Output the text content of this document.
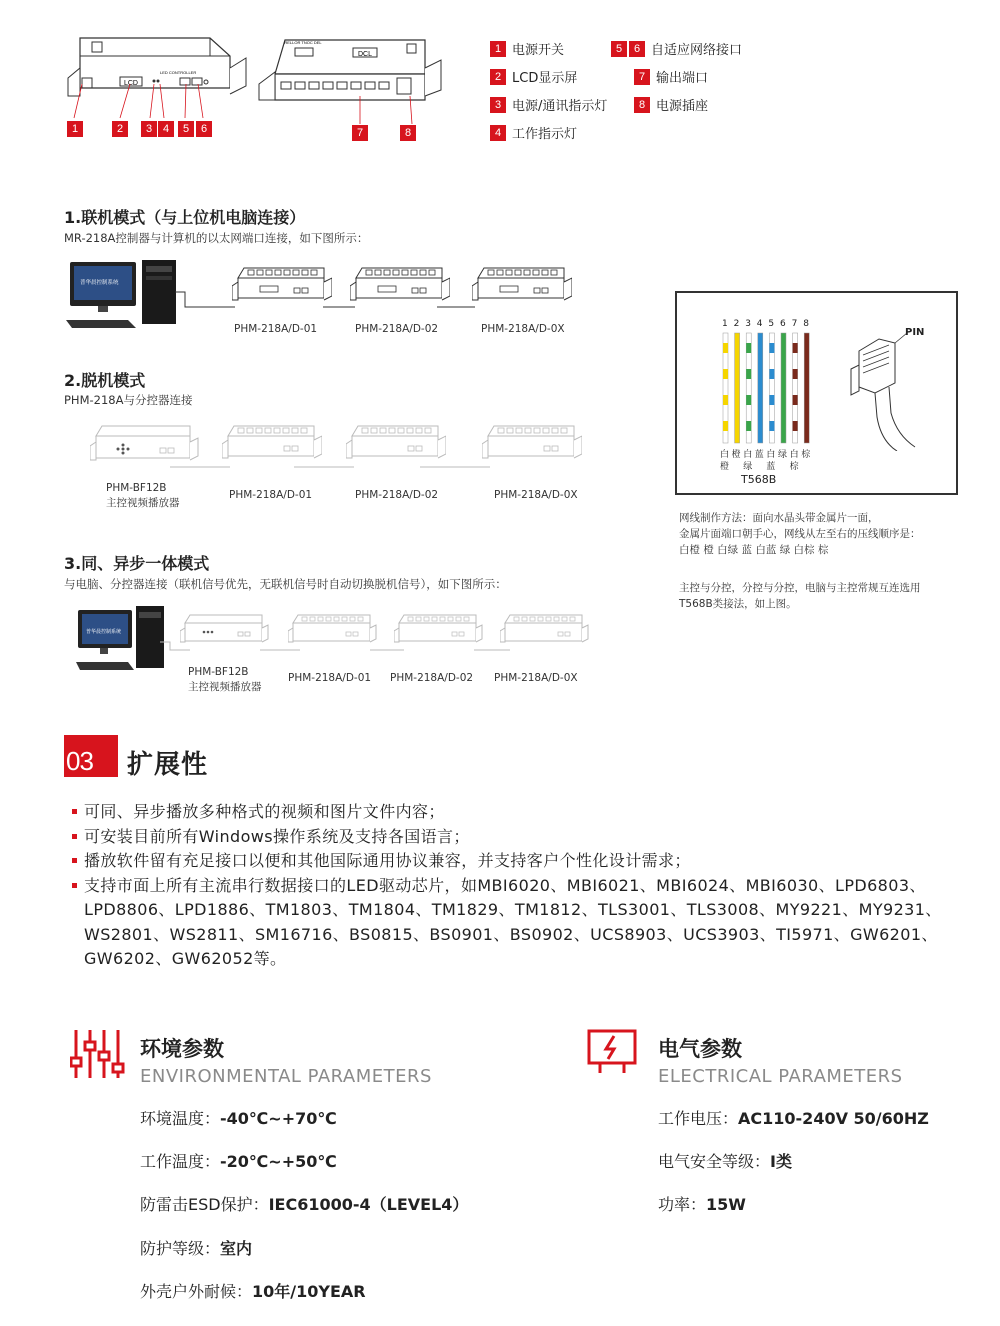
LCD
LED CONTROLLER
1	2	3 4	5	6
RELLOR TNOC DEL
DCL
7	8
1 电源开关
2 LCD显示屏
3 电源/通讯指示灯
4 工作指示灯
5	6 自适应网络接口
7 输出端口
8 电源插座
1.联机模式（与上位机电脑连接）
MR-218A控制器与计算机的以太网端口连接，如下图所示：
普华晨控制系统
PHM-218A/D-01	PHM-218A/D-02	PHM-218A/D-0X
2.脱机模式
PHM-218A与分控器连接
PHM-BF12B
主控视频播放器
PHM-218A/D-01	PHM-218A/D-02	PHM-218A/D-0X
3.同、异步一体模式
与电脑、分控器连接（联机信号优先，无联机信号时自动切换脱机信号），如下图所示：
普华晨控制系统
PHM-BF12B
主控视频播放器
PHM-218A/D-01 PHM-218A/D-02 PHM-218A/D-0X
1 2 3 4 5 6 7 8
白 橙 白 蓝 白 绿 白 棕
橙 绿 蓝 棕
T568B
PIN
网线制作方法：面向水晶头带金属片一面，
金属片面端口朝手心，网线从左至右的压线顺序是：
白橙 橙 白绿 蓝 白蓝 绿 白棕 棕
主控与分控，分控与分控，电脑与主控常规互连选用
T568B类接法，如上图。
03 扩展性
可同、异步播放多种格式的视频和图片文件内容；
可安装目前所有Windows操作系统及支持各国语言；
播放软件留有充足接口以便和其他国际通用协议兼容，并支持客户个性化设计需求；
支持市面上所有主流串行数据接口的LED驱动芯片，如MBI6020、MBI6021、MBI6024、MBI6030、LPD6803、LPD8806、LPD1886、TM1803、TM1804、TM1829、TM1812、TLS3001、TLS3008、MY9221、MY9231、WS2801、WS2811、SM16716、BS0815、BS0901、BS0902、UCS8903、UCS3903、TI5971、GW6201、GW6202、GW62052等。
环境参数
ENVIRONMENTAL PARAMETERS
环境温度：-40℃~+70℃
工作温度：-20℃~+50℃
防雷击ESD保护：IEC61000-4（LEVEL4）
防护等级：室内
外壳户外耐候：10年/10YEAR
电气参数
ELECTRICAL PARAMETERS
工作电压：AC110-240V 50/60HZ
电气安全等级：I类
功率：15W
